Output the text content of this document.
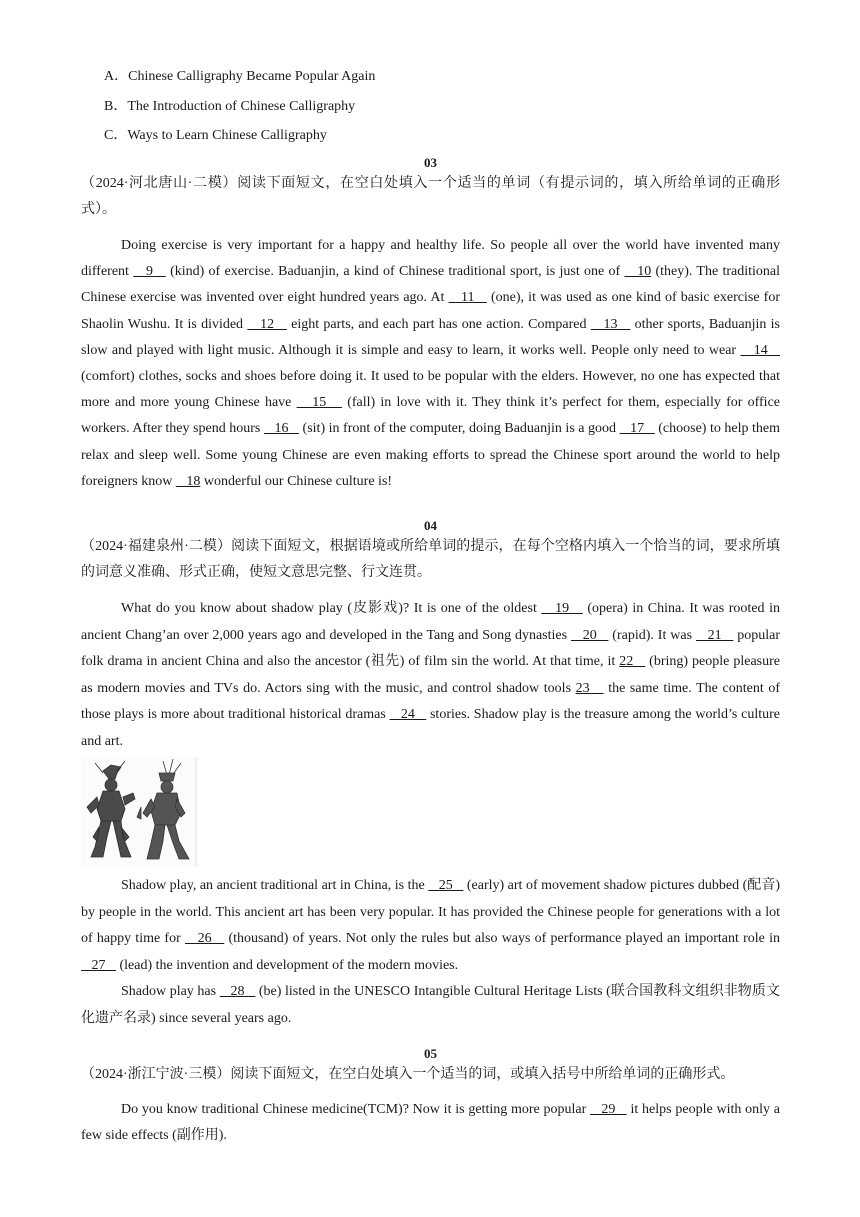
A．Chinese Calligraphy Became Popular Again
B．The Introduction of Chinese Calligraphy
C．Ways to Learn Chinese Calligraphy
03
（2024·河北唐山·二模）阅读下面短文，在空白处填入一个适当的单词（有提示词的，填入所给单词的正确形式）。

Doing exercise is very important for a happy and healthy life. So people all over the world have invented many different    9    (kind) of exercise. Baduanjin, a kind of Chinese traditional sport, is just one of    10 (they). The traditional Chinese exercise was invented over eight hundred years ago. At    11    (one), it was used as one kind of basic exercise for Shaolin Wushu. It is divided    12    eight parts, and each part has one action. Compared    13    other sports, Baduanjin is slow and played with light music. Although it is simple and easy to learn, it works well. People only need to wear    14    (comfort) clothes, socks and shoes before doing it. It used to be popular with the elders. However, no one has expected that more and more young Chinese have    15    (fall) in love with it. They think it’s perfect for them, especially for office workers. After they spend hours    16    (sit) in front of the computer, doing Baduanjin is a good    17    (choose) to help them relax and sleep well. Some young Chinese are even making efforts to spread the Chinese sport around the world to help foreigners know    18 wonderful our Chinese culture is!

04
（2024·福建泉州·二模）阅读下面短文，根据语境或所给单词的提示，在每个空格内填入一个恰当的词，要求所填的词意义准确、形式正确，使短文意思完整、行文连贯。

What do you know about shadow play (皮影戏)? It is one of the oldest    19    (opera) in China. It was rooted in ancient Chang’an over 2,000 years ago and developed in the Tang and Song dynasties    20    (rapid). It was    21    popular folk drama in ancient China and also the ancestor (祖先) of film sin the world. At that time, it 22    (bring) people pleasure as modern movies and TVs do. Actors sing with the music, and control shadow tools 23    the same time. The content of those plays is more about traditional historical dramas    24    stories. Shadow play is the treasure among the world’s culture and art.

Shadow play, an ancient traditional art in China, is the    25    (early) art of movement shadow pictures dubbed (配音) by people in the world. This ancient art has been very popular. It has provided the Chinese people for generations with a lot of happy time for    26    (thousand) of years. Not only the rules but also ways of performance played an important role in    27    (lead) the invention and development of the modern movies.

Shadow play has    28    (be) listed in the UNESCO Intangible Cultural Heritage Lists (联合国教科文组织非物质文化遗产名录) since several years ago.

05
（2024·浙江宁波·三模）阅读下面短文，在空白处填入一个适当的词，或填入括号中所给单词的正确形式。

Do you know traditional Chinese medicine(TCM)? Now it is getting more popular    29    it helps people with only a few side effects (副作用).
